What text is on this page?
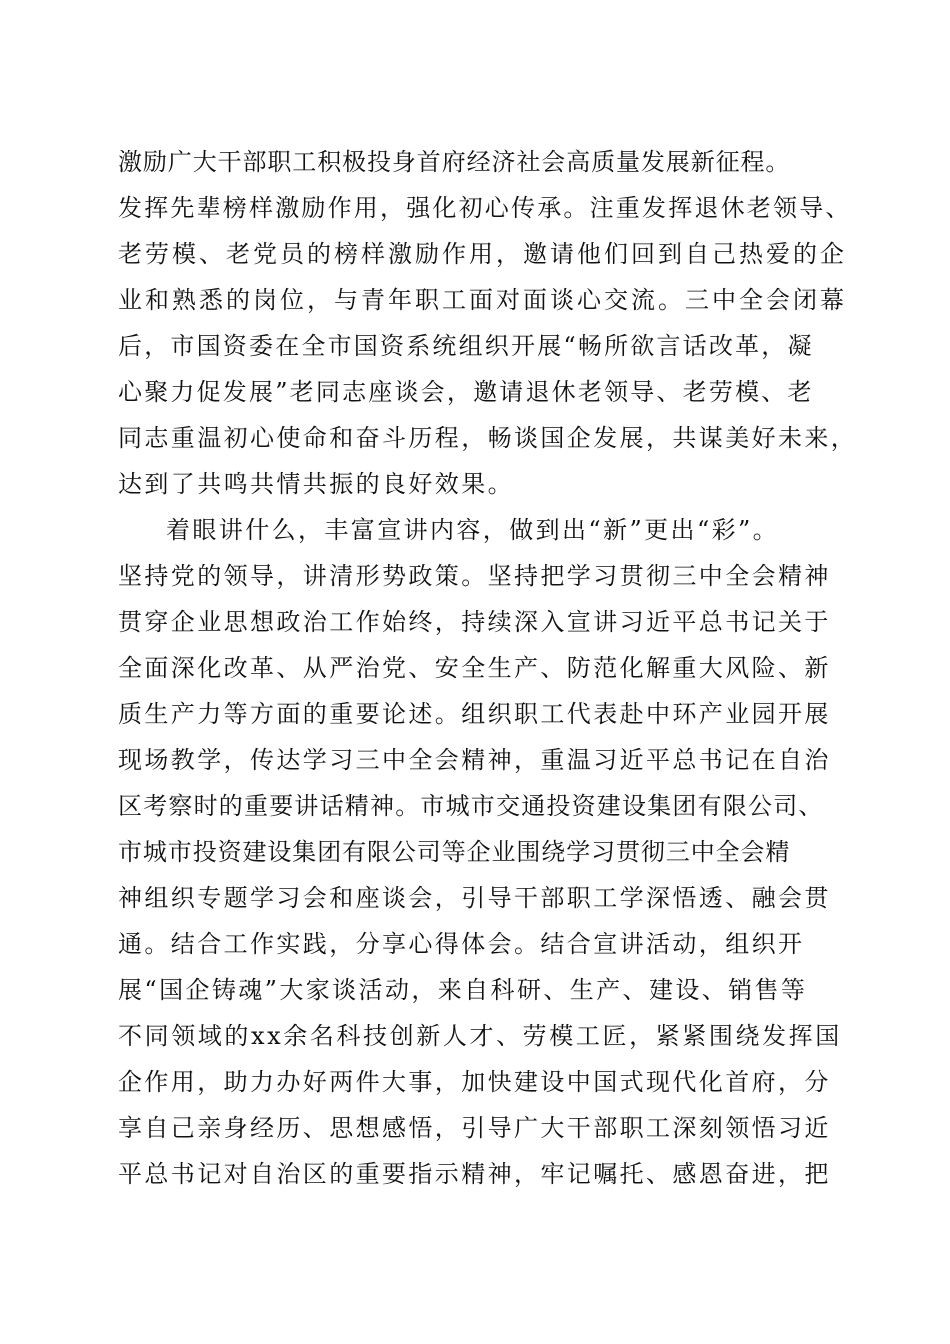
激励广大干部职工积极投身首府经济社会高质量发展新征程。
发挥先辈榜样激励作用，强化初心传承。注重发挥退休老领导、
老劳模、老党员的榜样激励作用，邀请他们回到自己热爱的企
业和熟悉的岗位，与青年职工面对面谈心交流。三中全会闭幕
后，市国资委在全市国资系统组织开展“畅所欲言话改革，凝
心聚力促发展”老同志座谈会，邀请退休老领导、老劳模、老
同志重温初心使命和奋斗历程，畅谈国企发展，共谋美好未来，
达到了共鸣共情共振的良好效果。
着眼讲什么，丰富宣讲内容，做到出“新”更出“彩”。
坚持党的领导，讲清形势政策。坚持把学习贯彻三中全会精神
贯穿企业思想政治工作始终，持续深入宣讲习近平总书记关于
全面深化改革、从严治党、安全生产、防范化解重大风险、新
质生产力等方面的重要论述。组织职工代表赴中环产业园开展
现场教学，传达学习三中全会精神，重温习近平总书记在自治
区考察时的重要讲话精神。市城市交通投资建设集团有限公司、
市城市投资建设集团有限公司等企业围绕学习贯彻三中全会精
神组织专题学习会和座谈会，引导干部职工学深悟透、融会贯
通。结合工作实践，分享心得体会。结合宣讲活动，组织开
展“国企铸魂”大家谈活动，来自科研、生产、建设、销售等
不同领域的xx余名科技创新人才、劳模工匠，紧紧围绕发挥国
企作用，助力办好两件大事，加快建设中国式现代化首府，分
享自己亲身经历、思想感悟，引导广大干部职工深刻领悟习近
平总书记对自治区的重要指示精神，牢记嘱托、感恩奋进，把
